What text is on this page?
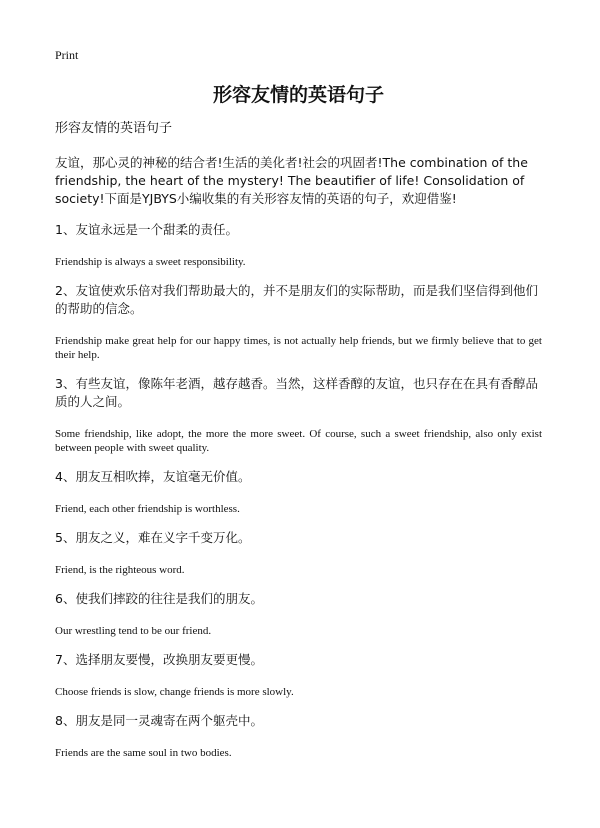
Print

形容友情的英语句子

形容友情的英语句子

友谊，那心灵的神秘的结合者!生活的美化者!社会的巩固者!The combination of the friendship, the heart of the mystery! The beautifier of life! Consolidation of society!下面是YJBYS小编收集的有关形容友情的英语的句子，欢迎借鉴!

1、友谊永远是一个甜柔的责任。

Friendship is always a sweet responsibility.

2、友谊使欢乐倍对我们帮助最大的，并不是朋友们的实际帮助，而是我们坚信得到他们的帮助的信念。

Friendship make great help for our happy times, is not actually help friends, but we firmly believe that to get their help.

3、有些友谊，像陈年老酒，越存越香。当然，这样香醇的友谊，也只存在在具有香醇品质的人之间。

Some friendship, like adopt, the more the more sweet. Of course, such a sweet friendship, also only exist between people with sweet quality.

4、朋友互相吹捧，友谊毫无价值。

Friend, each other friendship is worthless.

5、朋友之义，难在义字千变万化。

Friend, is the righteous word.

6、使我们摔跤的往往是我们的朋友。

Our wrestling tend to be our friend.

7、选择朋友要慢，改换朋友要更慢。

Choose friends is slow, change friends is more slowly.

8、朋友是同一灵魂寄在两个躯壳中。

Friends are the same soul in two bodies.
